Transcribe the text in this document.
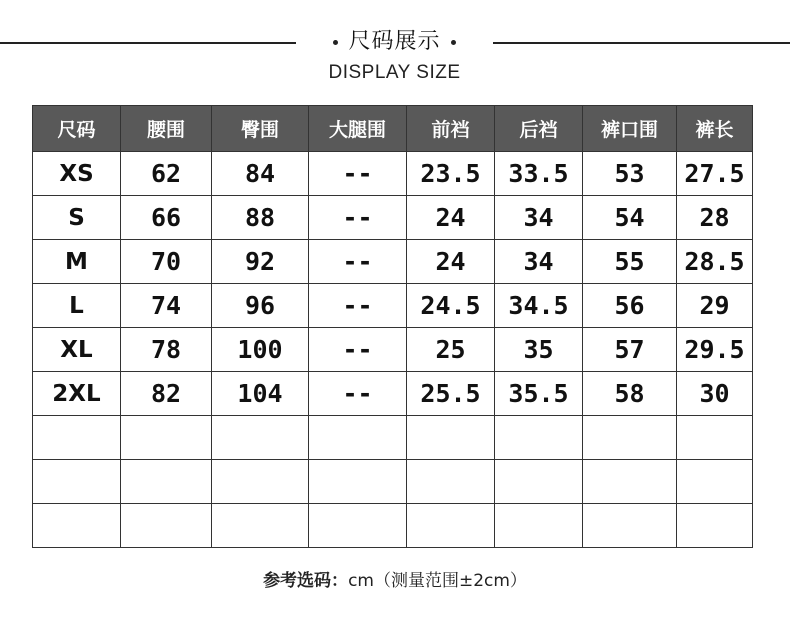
尺码展示
DISPLAY SIZE
尺码	腰围	臀围	大腿围	前裆	后裆	裤口围	裤长
XS	62	84	--	23.5	33.5	53	27.5
S	66	88	--	24	34	54	28
M	70	92	--	24	34	55	28.5
L	74	96	--	24.5	34.5	56	29
XL	78	100	--	25	35	57	29.5
2XL	82	104	--	25.5	35.5	58	30

参考选码：cm（测量范围±2cm）
